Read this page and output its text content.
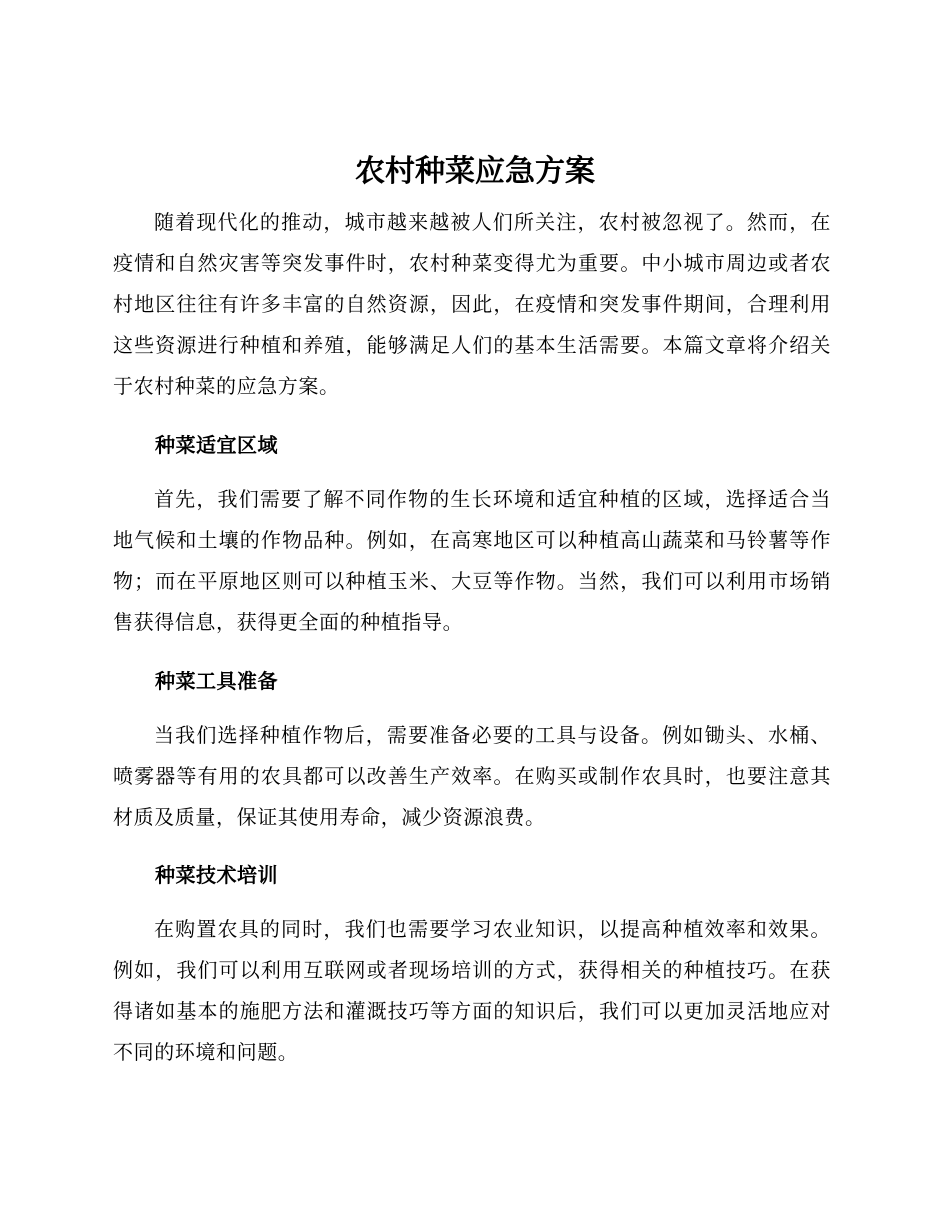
农村种菜应急方案

随着现代化的推动，城市越来越被人们所关注，农村被忽视了。然而，在疫情和自然灾害等突发事件时，农村种菜变得尤为重要。中小城市周边或者农村地区往往有许多丰富的自然资源，因此，在疫情和突发事件期间，合理利用这些资源进行种植和养殖，能够满足人们的基本生活需要。本篇文章将介绍关于农村种菜的应急方案。

种菜适宜区域

首先，我们需要了解不同作物的生长环境和适宜种植的区域，选择适合当地气候和土壤的作物品种。例如，在高寒地区可以种植高山蔬菜和马铃薯等作物；而在平原地区则可以种植玉米、大豆等作物。当然，我们可以利用市场销售获得信息，获得更全面的种植指导。

种菜工具准备

当我们选择种植作物后，需要准备必要的工具与设备。例如锄头、水桶、喷雾器等有用的农具都可以改善生产效率。在购买或制作农具时，也要注意其材质及质量，保证其使用寿命，减少资源浪费。

种菜技术培训

在购置农具的同时，我们也需要学习农业知识，以提高种植效率和效果。例如，我们可以利用互联网或者现场培训的方式，获得相关的种植技巧。在获得诸如基本的施肥方法和灌溉技巧等方面的知识后，我们可以更加灵活地应对不同的环境和问题。
